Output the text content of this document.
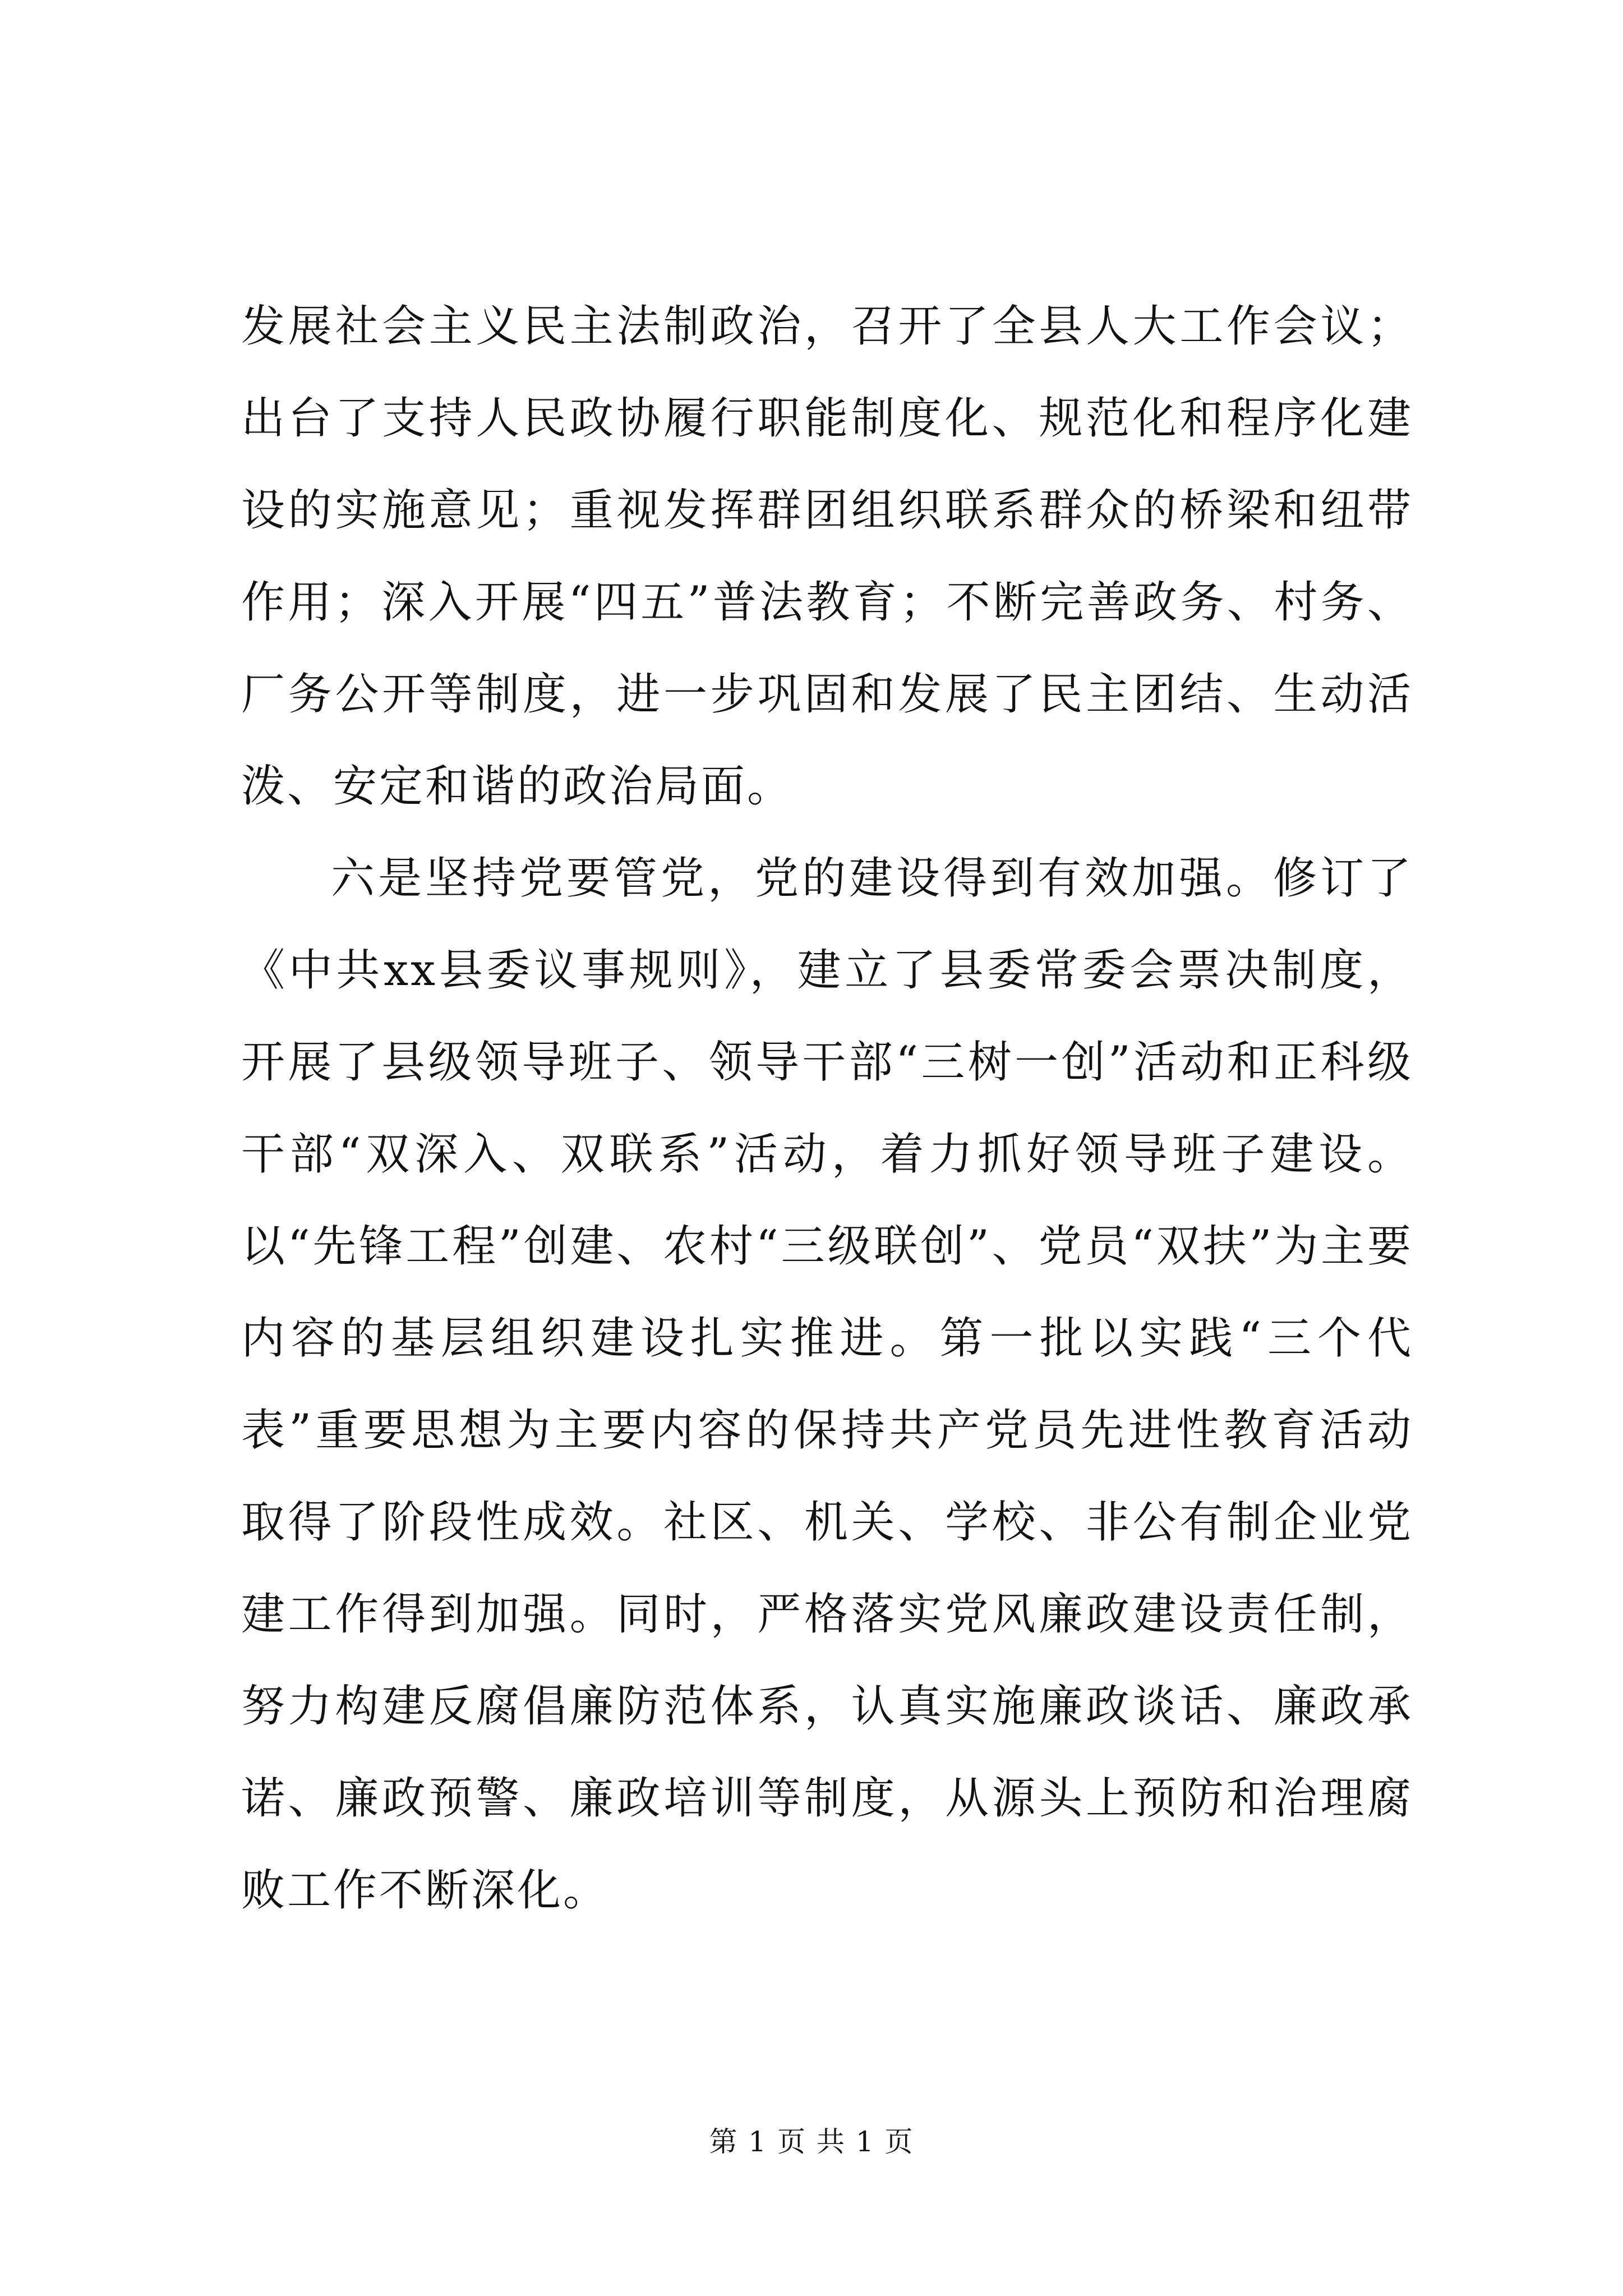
发展社会主义民主法制政治，召开了全县人大工作会议；出台了支持人民政协履行职能制度化、规范化和程序化建设的实施意见；重视发挥群团组织联系群众的桥梁和纽带作用；深入开展“四五”普法教育；不断完善政务、村务、厂务公开等制度，进一步巩固和发展了民主团结、生动活泼、安定和谐的政治局面。

六是坚持党要管党，党的建设得到有效加强。修订了《中共xx县委议事规则》，建立了县委常委会票决制度，开展了县级领导班子、领导干部“三树一创”活动和正科级干部“双深入、双联系”活动，着力抓好领导班子建设。以“先锋工程”创建、农村“三级联创”、党员“双扶”为主要内容的基层组织建设扎实推进。第一批以实践“三个代表”重要思想为主要内容的保持共产党员先进性教育活动取得了阶段性成效。社区、机关、学校、非公有制企业党建工作得到加强。同时，严格落实党风廉政建设责任制，努力构建反腐倡廉防范体系，认真实施廉政谈话、廉政承诺、廉政预警、廉政培训等制度，从源头上预防和治理腐败工作不断深化。

第 1 页 共 1 页
